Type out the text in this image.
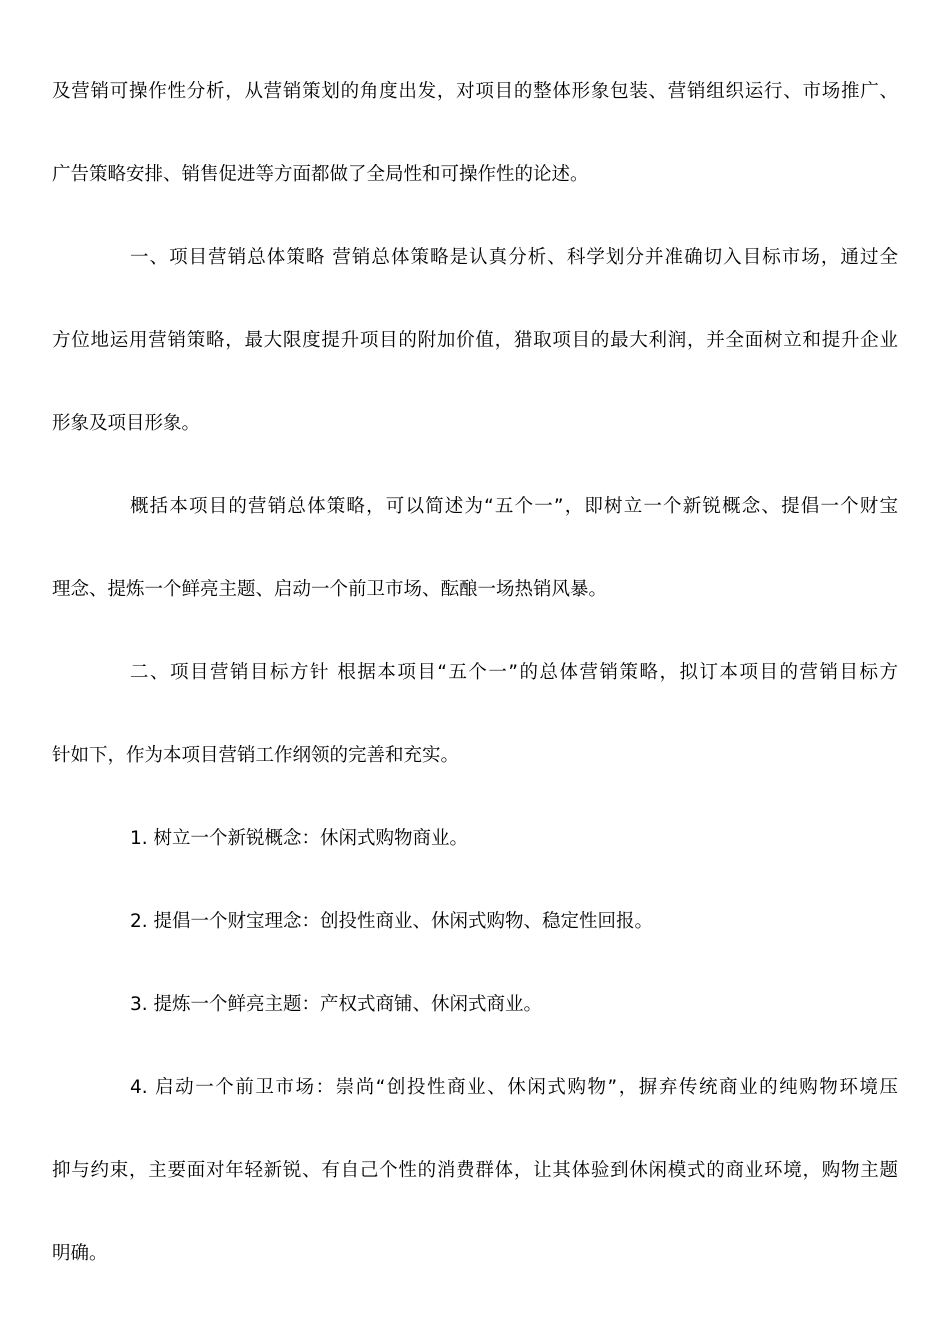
及营销可操作性分析，从营销策划的角度出发，对项目的整体形象包装、营销组织运行、市场推广、
广告策略安排、销售促进等方面都做了全局性和可操作性的论述。
一、项目营销总体策略 营销总体策略是认真分析、科学划分并准确切入目标市场，通过全
方位地运用营销策略，最大限度提升项目的附加价值，猎取项目的最大利润，并全面树立和提升企业
形象及项目形象。
概括本项目的营销总体策略，可以简述为“五个一”，即树立一个新锐概念、提倡一个财宝
理念、提炼一个鲜亮主题、启动一个前卫市场、酝酿一场热销风暴。
二、项目营销目标方针 根据本项目“五个一”的总体营销策略，拟订本项目的营销目标方
针如下，作为本项目营销工作纲领的完善和充实。
1. 树立一个新锐概念：休闲式购物商业。
2. 提倡一个财宝理念：创投性商业、休闲式购物、稳定性回报。
3. 提炼一个鲜亮主题：产权式商铺、休闲式商业。
4. 启动一个前卫市场：崇尚“创投性商业、休闲式购物”，摒弃传统商业的纯购物环境压
抑与约束，主要面对年轻新锐、有自己个性的消费群体，让其体验到休闲模式的商业环境，购物主题
明确。
